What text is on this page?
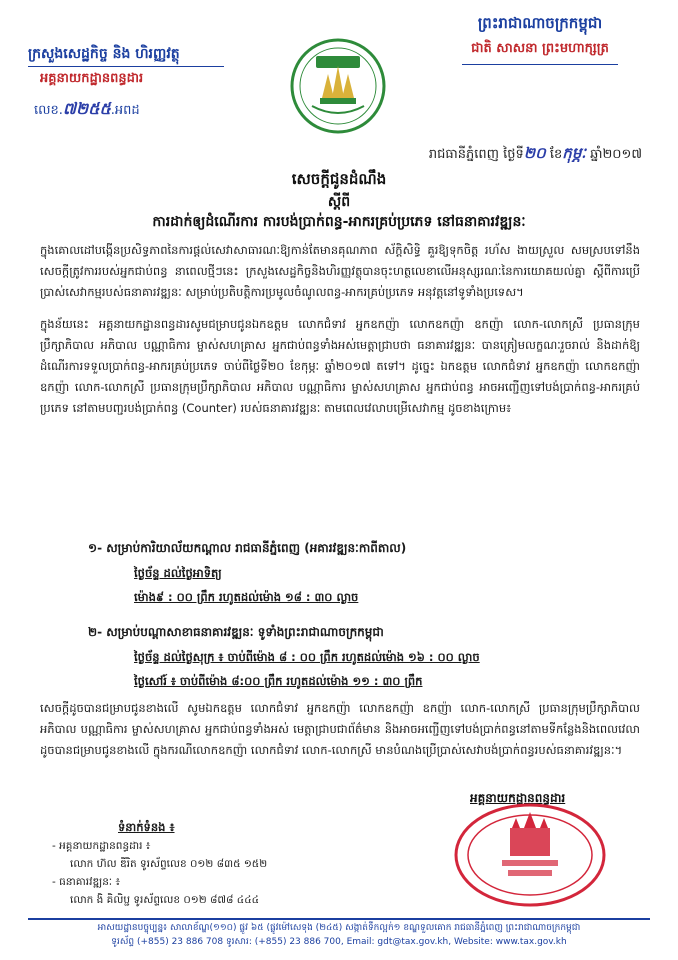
ក្រសួងសេដ្ឋកិច្ច និង ហិរញ្ញវត្ថុ
អគ្គនាយកដ្ឋានពន្ធដារ
លេខ.៧២៥៥.អពដ
ព្រះរាជាណាចក្រកម្ពុជា
ជាតិ សាសនា ព្រះមហាក្សត្រ
រាជធានីភ្នំពេញ ថ្ងៃទី២០ ខែកុម្ភៈ ឆ្នាំ២០១៧
សេចក្តីជូនដំណឹង
ស្តីពី
ការដាក់ឲ្យដំណើរការ ការបង់ប្រាក់ពន្ធ-អាករគ្រប់ប្រភេទ នៅធនាគារវឌ្ឍនៈ
ក្នុងគោលដៅបង្កើនប្រសិទ្ធភាពនៃការផ្តល់សេវាសាធារណៈឱ្យកាន់តែមានគុណភាព ស័ក្តិសិទ្ធិ គួរឱ្យទុកចិត្ត រហ័ស ងាយស្រួល សមស្របទៅនឹងសេចក្តីត្រូវការរបស់អ្នកជាប់ពន្ធ នាពេលថ្មីៗនេះ ក្រសួងសេដ្ឋកិច្ចនិងហិរញ្ញវត្ថុបានចុះហត្ថលេខាលើអនុស្សរណៈនៃការយោគយល់គ្នា ស្តីពីការប្រើប្រាស់សេវាកម្មរបស់ធនាគារវឌ្ឍនៈ សម្រាប់ប្រតិបត្តិការប្រមូលចំណូលពន្ធ-អាករគ្រប់ប្រភេទ អនុវត្តនៅទូទាំងប្រទេស។
ក្នុងន័យនេះ អគ្គនាយកដ្ឋានពន្ធដារសូមជម្រាបជូនឯកឧត្តម លោកជំទាវ អ្នកឧកញ៉ា លោកឧកញ៉ា ឧកញ៉ា លោក-លោកស្រី ប្រធានក្រុមប្រឹក្សាភិបាល អភិបាល បណ្ណាធិការ ម្ចាស់សហគ្រាស អ្នកជាប់ពន្ធទាំងអស់មេត្តាជ្រាបថា ធនាគារវឌ្ឍនៈ បានត្រៀមលក្ខណៈរួចរាល់ និងដាក់ឱ្យដំណើរការទទួលប្រាក់ពន្ធ-អាករគ្រប់ប្រភេទ ចាប់ពីថ្ងៃទី២០ ខែកុម្ភៈ ឆ្នាំ២០១៧ តទៅ។ ដូច្នេះ ឯកឧត្តម លោកជំទាវ អ្នកឧកញ៉ា លោកឧកញ៉ា ឧកញ៉ា លោក-លោកស្រី ប្រធានក្រុមប្រឹក្សាភិបាល អភិបាល បណ្ណាធិការ ម្ចាស់សហគ្រាស អ្នកជាប់ពន្ធ អាចអញ្ជើញទៅបង់ប្រាក់ពន្ធ-អាករគ្រប់ប្រភេទ នៅតាមបញ្ជរបង់ប្រាក់ពន្ធ (Counter) របស់ធនាគារវឌ្ឍនៈ តាមពេលវេលាបម្រើសេវាកម្ម ដូចខាងក្រោម៖
១- សម្រាប់ការិយាល័យកណ្តាល រាជធានីភ្នំពេញ (អគារវឌ្ឍនៈកាពីតាល)
ថ្ងៃច័ន្ទ ដល់ថ្ងៃអាទិត្យ
ម៉ោង៩ : ០០ ព្រឹក រហូតដល់ម៉ោង ១៨ : ៣០ ល្ងាច
២- សម្រាប់បណ្តាសាខាធនាគារវឌ្ឍនៈ ទូទាំងព្រះរាជាណាចក្រកម្ពុជា
ថ្ងៃច័ន្ទ ដល់ថ្ងៃសុក្រ ៖ ចាប់ពីម៉ោង ៨ : ០០ ព្រឹក រហូតដល់ម៉ោង ១៦ : ០០ ល្ងាច
ថ្ងៃសៅរ៍ ៖ ចាប់ពីម៉ោង ៨:០០ ព្រឹក រហូតដល់ម៉ោង ១១ : ៣០ ព្រឹក
សេចក្តីដូចបានជម្រាបជូនខាងលើ សូមឯកឧត្តម លោកជំទាវ អ្នកឧកញ៉ា លោកឧកញ៉ា ឧកញ៉ា លោក-លោកស្រី ប្រធានក្រុមប្រឹក្សាភិបាល អភិបាល បណ្ណាធិការ ម្ចាស់សហគ្រាស អ្នកជាប់ពន្ធទាំងអស់ មេត្តាជ្រាបជាព័ត៌មាន និងអាចអញ្ជើញទៅបង់ប្រាក់ពន្ធនៅតាមទីកន្លែងនិងពេលវេលាដូចបានជម្រាបជូនខាងលើ ក្នុងករណីលោកឧកញ៉ា លោកជំទាវ លោក-លោកស្រី មានបំណងប្រើប្រាស់សេវាបង់ប្រាក់ពន្ធរបស់ធនាគារវឌ្ឍនៈ។
អគ្គនាយកដ្ឋានពន្ធដារ
ទំនាក់ទំនង ៖
- អគ្គនាយកដ្ឋានពន្ធដារ ៖
លោក ហ៊ល ឌីរិត ទូរស័ព្ទលេខ ០១២ ៨៣៥ ១៥២
- ធនាគារវឌ្ឍនៈ ៖
លោក ងិ គិលិប្ជ ទូរស័ព្ទលេខ ០១២ ៨៧៨ ៤៤៤
អាសយដ្ឋានបច្ចុប្បន្ន៖ សាលាខ័ណ្ឌ(១១០) ផ្លូវ ៦៥ (ផ្លូវម៉ៅសេទុង (២៤៥) សង្កាត់ទឹកល្អក់១ ខណ្ឌទួលគោក រាជធានីភ្នំពេញ ព្រះរាជាណាចក្រកម្ពុជា
ទូរស័ព្ទ (+855) 23 886 708 ទូរសារ: (+855) 23 886 700, Email: gdt@tax.gov.kh, Website: www.tax.gov.kh
